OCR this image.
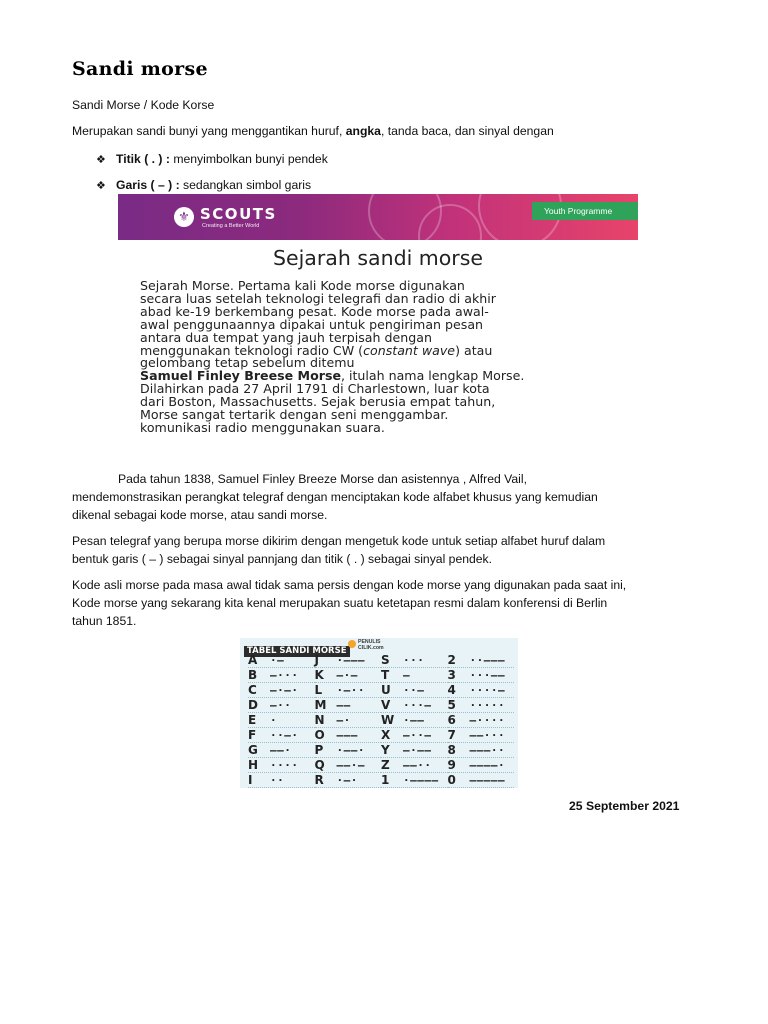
Sandi morse

Sandi Morse / Kode Korse

Merupakan sandi bunyi yang menggantikan huruf, angka, tanda baca, dan sinyal dengan

❖ Titik ( . ) : menyimbolkan bunyi pendek

❖ Garis ( – ) : sedangkan simbol garis

⚜ SCOUTS
Creating a Better World
Youth Programme
Sejarah sandi morse
Sejarah Morse. Pertama kali Kode morse digunakan
secara luas setelah teknologi telegrafi dan radio di akhir
abad ke-19 berkembang pesat. Kode morse pada awal-
awal penggunaannya dipakai untuk pengiriman pesan
antara dua tempat yang jauh terpisah dengan
menggunakan teknologi radio CW (constant wave) atau
gelombang tetap sebelum ditemu
Samuel Finley Breese Morse, itulah nama lengkap Morse.
Dilahirkan pada 27 April 1791 di Charlestown, luar kota
dari Boston, Massachusetts. Sejak berusia empat tahun,
Morse sangat tertarik dengan seni menggambar.
komunikasi radio menggunakan suara.

Pada tahun 1838, Samuel Finley Breeze Morse dan asistennya , Alfred Vail,
mendemonstrasikan perangkat telegraf dengan menciptakan kode alfabet khusus yang kemudian
dikenal sebagai kode morse, atau sandi morse.

Pesan telegraf yang berupa morse dikirim dengan mengetuk kode untuk setiap alfabet huruf dalam
bentuk garis ( – ) sebagai sinyal pannjang dan titik ( . ) sebagai sinyal pendek.

Kode asli morse pada masa awal tidak sama persis dengan kode morse yang digunakan pada saat ini,
Kode morse yang sekarang kita kenal merupakan suatu ketetapan resmi dalam konferensi di Berlin
tahun 1851.

TABEL SANDI MORSE
PENULIS
CILIK.com
A	·–	J	·––– S	··· 2	··–––
B	–··· K	–·– T	–	3	···––
C	–·–· L	·–·· U	··– 4	····–
D	–·· M ––	V	···– 5	·····
E	·	N	–·	W ·–– 6	–····
F	··–· O	––– X	–··– 7	––···
G	––· P	·––· Y	–·–– 8	–––··
H	···· Q	––·– Z	––·· 9	––––·
I	··	R	·–· 1	·–––– 0	–––––

25 September 2021
